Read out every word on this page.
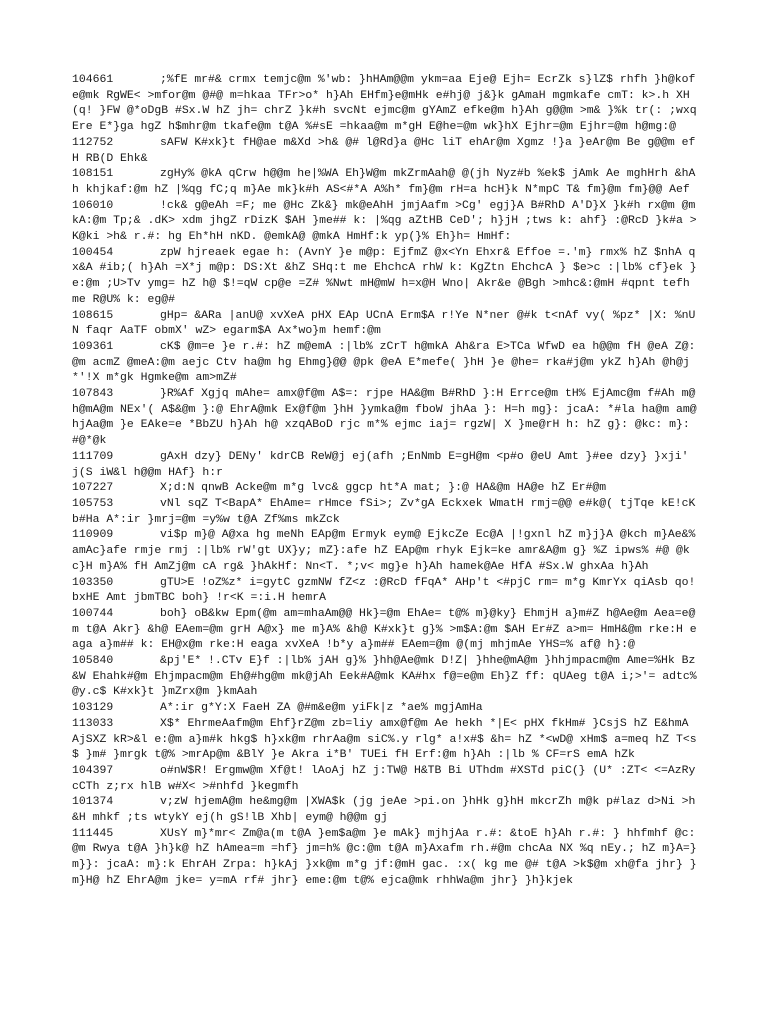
104661	;%fE mr#& crmx temjc@m %'wb: }hHAm@@m ykm=aa Eje@ Ejh= EcrZk s}lZ$ rhfh }h@kofe@mk RgWE< >mfor@m @#@ m=hkaa TFr>o* h}Ah EHfm}e@mHk e#hj@ j&}k gAmaH mgmkafe cmT: k>.h XH(q! }FW @*oDgB #Sx.W hZ jh= chrZ }k#h svcNt ejmc@m gYAmZ efke@m h}Ah g@@m >m& }%k tr(: ;wxq Ere E*}ga hgZ h$mhr@m tkafe@m t@A %#sE =hkaa@m m*gH E@he=@m wk}hX Ejhr=@m Ejhr=@m h@mg:@
112752	sAFW K#xk}t fH@ae m&Xd >h& @# l@Rd}a @Hc liT ehAr@m Xgmz !}a }eAr@m Be g@@m efH RB(D Ehk&
108151	zgHy% @kA qCrw h@@m he|%WA Eh}W@m mkZrmAah@ @(jh Nyz#b %ek$ jAmk Ae mghHrh &hAh khjkaf:@m hZ |%qg fC;q m}Ae mk}k#h AS<#*A A%h* fm}@m rH=a hcH}k N*mpC T& fm}@m fm}@@ Aef
106010	!ck& g@eAh =F; me @Hc Zk&} mk@eAhH jmjAafm >Cg' egj}A B#RhD A'D}X }k#h rx@m @mkA:@m Tp;& .dK> xdm jhgZ rDizK $AH }me## k: |%qg aZtHB CeD'; h}jH ;tws k: ahf} :@RcD }k#a >K@ki >h& r.#: hg Eh*hH nKD. @emkA@ @mkA HmHf:k yp(}% Eh}h= HmHf:
100454	zpW hjreaek egae h: (AvnY }e m@p: EjfmZ @x<Yn Ehxr& Effoe =.'m} rmx% hZ $nhA qx&A #ib;( h}Ah =X*j m@p: DS:Xt &hZ SHq:t me EhchcA rhW k: KgZtn EhchcA } $e>c :|lb% cf}ek }e:@m ;U>Tv ymg= hZ h@ $!=qW cp@e =Z# %Nwt mH@mW h=x@H Wno| Akr&e @Bgh >mhc&:@mH #qpnt tefh me R@U% k: eg@#
108615	gHp= &ARa |anU@ xvXeA pHX EAp UCnA Erm$A r!Ye N*ner @#k t<nAf vy( %pz* |X: %nUN faqr AaTF obmX' wZ> egarm$A Ax*wo}m hemf:@m
109361	cK$ @m=e }e r.#: hZ m@emA :|lb% zCrT h@mkA Ah&ra E>TCa WfwD ea h@@m fH @eA Z@:@m acmZ @meA:@m aejc Ctv ha@m hg Ehmg}@@ @pk @eA E*mefe( }hH }e @he= rka#j@m ykZ h}Ah @h@j *'!X m*gk Hgmke@m am>mZ#
107843	}R%Af Xgjq mAhe= amx@f@m A$=: rjpe HA&@m B#RhD }:H Errce@m tH% EjAmc@m f#Ah m@ h@mA@m NEx'( A$&@m }:@ EhrA@mk Ex@f@m }hH }ymka@m fboW jhAa }: H=h mg}: jcaA: *#la ha@m am@hjAa@m }e EAke=e *BbZU h}Ah h@ xzqABoD rjc m*% ejmc iaj= rgzW| X }me@rH h: hZ g}: @kc: m}: #@*@k
111709	gAxH dzy} DENy' kdrCB ReW@j ej(afh ;EnNmb E=gH@m <p#o @eU Amt }#ee dzy} }xji' j(S iW&l h@@m HAf} h:r
107227	X;d:N qnwB Acke@m m*g lvc& ggcp ht*A mat; }:@ HA&@m HA@e hZ Er#@m
105753	vNl sqZ T<BapA* EhAme= rHmce fSi>; Zv*gA Eckxek WmatH rmj=@@ e#k@( tjTqe kE!cK b#Ha A*:ir }mrj=@m =y%w t@A Zf%ms mkZck
110909	vi$p m}@ A@xa hg meNh EAp@m Ermyk eym@ EjkcZe Ec@A |!gxnl hZ m}j}A @kch m}Ae&% amAc}afe rmje rmj :|lb% rW'gt UX}y; mZ}:afe hZ EAp@m rhyk Ejk=ke amr&A@m g} %Z ipws% #@ @kc}H m}A% fH AmZj@m cA rg& }hAkHf: Nn<T. *;v< mg}e h}Ah hamek@Ae HfA #Sx.W ghxAa h}Ah
103350	gTU>E !oZ%z* i=gytC gzmNW fZ<z :@RcD fFqA* AHp't <#pjC rm= m*g KmrYx qiAsb qo! bxHE Amt jbmTBC boh} !r<K =:i.H hemrA
100744	boh} oB&kw Epm(@m am=mhaAm@@ Hk}=@m EhAe= t@% m}@ky} EhmjH a}m#Z h@Ae@m Aea=e@m t@A Akr} &h@ EAem=@m grH A@x} me m}A% &h@ K#xk}t g}% >m$A:@m $AH Er#Z a>m= HmH&@m rke:H eaga a}m## k: EH@x@m rke:H eaga xvXeA !b*y a}m## EAem=@m @(mj mhjmAe YHS=% af@ h}:@
105840	&pj'E* !.CTv E}f :|lb% jAH g}% }hh@Ae@mk D!Z| }hhe@mA@m }hhjmpacm@m Ame=%Hk Bz&W Ehahk#@m Ehjmpacm@m Eh@#hg@m mk@jAh Eek#A@mk KA#hx f@=e@m Eh}Z ff: qUAeg t@A i;>'= adtc% @y.c$ K#xk}t }mZrx@m }kmAah
103129	A*:ir g*Y:X FaeH ZA @#m&e@m yiFk|z *ae% mgjAmHa
113033	X$* EhrmeAafm@m Ehf}rZ@m zb=liy amx@f@m Ae hekh *|E< pHX fkHm# }CsjS hZ E&hmA AjSXZ kR>&l e:@m a}m#k hkg$ h}xk@m rhrAa@m siC%.y rlg* a!x#$ &h= hZ *<wD@ xHm$ a=meq hZ T<s$ }m# }mrgk t@% >mrAp@m &BlY }e Akra i*B' TUEi fH Erf:@m h}Ah :|lb % CF=rS emA hZk
104397	o#nW$R! Ergmw@m Xf@t! lAoAj hZ j:TW@ H&TB Bi UThdm #XSTd piC(} (U* :ZT< <=AzRy cCTh z;rx hlB w#X< >#nhfd }kegmfh
101374	v;zW hjemA@m he&mg@m |XWA$k (jg jeAe >pi.on }hHk g}hH mkcrZh m@k p#laz d>Ni >h&H mhkf ;ts wtykY ej(h gS!lB Xhb| eym@ h@@m gj
111445	XUsY m}*mr< Zm@a(m t@A }em$a@m }e mAk} mjhjAa r.#: &toE h}Ah r.#: } hhfmhf @c:@m Rwya t@A }h}k@ hZ hAmea=m =hf} jm=h% @c:@m t@A m}Axafm rh.#@m chcAa NX %q nEy.; hZ m}A=} m}}: jcaA: m}:k EhrAH Zrpa: h}kAj }xk@m m*g jf:@mH gac. :x( kg me @# t@A >k$@m xh@fa jhr} }m}H@ hZ EhrA@m jke= y=mA rf# jhr} eme:@m t@% ejca@mk rhhWa@m jhr} }h}kjek
